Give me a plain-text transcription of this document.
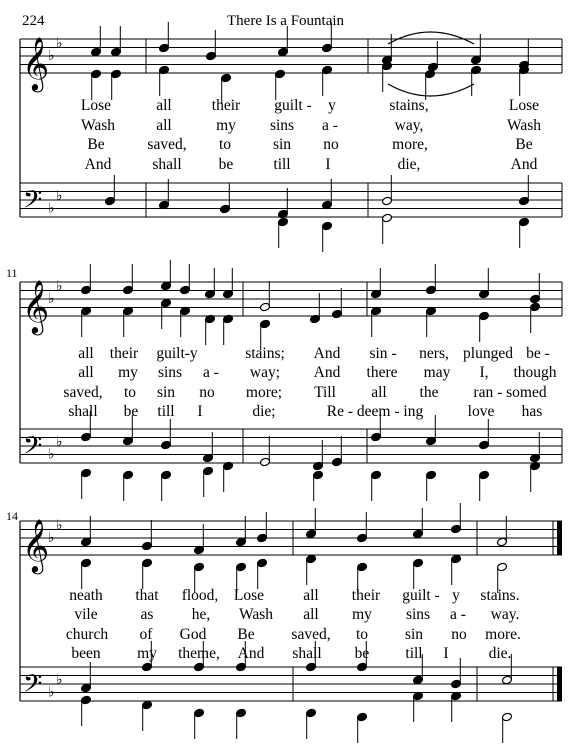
𝄞
𝄢
♭
♭
♭
♭
𝄞
𝄢
♭
♭
♭
♭
𝄞
𝄢
♭
♭
♭
♭
224	There Is a Fountain
11
14
Lose	all	their guilt - y	stains,	Lose
Wash	all	my sins a -	way,	Wash
Be	saved, to	sin no	more,	Be
And	shall be	till I	die,	And
all their guilt-y	stains; And sin - ners, plunged be -
all my sins a - way; And there may I, though
saved, to sin no more; Till all the ran - somed
shall be till I	die;	Re - deem - ing	love has
neath that flood, Lose	all their guilt - y stains.
vile	as he, Wash all my sins a - way.
church of God Be saved, to sin no more.
been my theme, And shall be till I	die.
